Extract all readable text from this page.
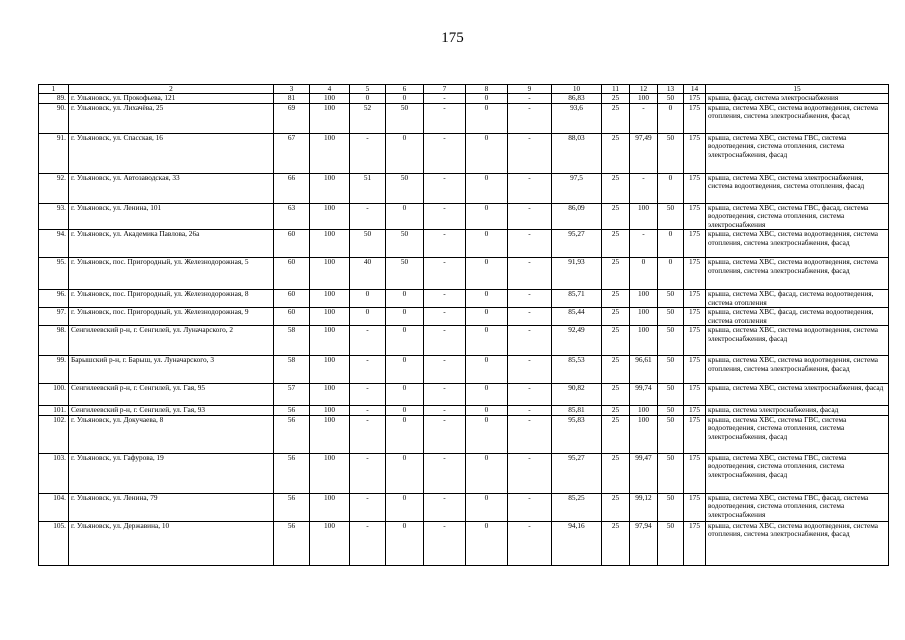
175
1	2	3	4	5	6	7	8	9	10	11	12	13	14	15
89.	г. Ульяновск, ул. Прокофьева, 121	81	100	0	0	-	0	-	86,83	25	100	50	175	крыша, фасад, система электроснабжения
90.	г. Ульяновск, ул. Лихачёва, 25	69	100	52	50	-	0	-	93,6	25	-	0	175	крыша, система ХВС, система водоотведения, система отопления, система электроснабжения, фасад
91.	г. Ульяновск, ул. Спасская, 16	67	100	-	0	-	0	-	88,03	25	97,49	50	175	крыша, система ХВС, система ГВС, система водоотведения, система отопления, система электроснабжения, фасад
92.	г. Ульяновск, ул. Автозаводская, 33	66	100	51	50	-	0	-	97,5	25	-	0	175	крыша, система ХВС, система электроснабжения, система водоотведения, система отопления, фасад
93.	г. Ульяновск, ул. Ленина, 101	63	100	-	0	-	0	-	86,09	25	100	50	175	крыша, система ХВС, система ГВС, фасад, система водоотведения, система отопления, система электроснабжения
94.	г. Ульяновск, ул. Академика Павлова, 26а	60	100	50	50	-	0	-	95,27	25	-	0	175	крыша, система ХВС, система водоотведения, система отопления, система электроснабжения, фасад
95.	г. Ульяновск, пос. Пригородный, ул. Железнодорожная, 5	60	100	40	50	-	0	-	91,93	25	0	0	175	крыша, система ХВС, система водоотведения, система отопления, система электроснабжения, фасад
96.	г. Ульяновск, пос. Пригородный, ул. Железнодорожная, 8	60	100	0	0	-	0	-	85,71	25	100	50	175	крыша, система ХВС, фасад, система водоотведения, система отопления
97.	г. Ульяновск, пос. Пригородный, ул. Железнодорожная, 9	60	100	0	0	-	0	-	85,44	25	100	50	175	крыша, система ХВС, фасад, система водоотведения, система отопления
98.	Сенгилеевский р-н, г. Сенгилей, ул. Луначарского, 2	58	100	-	0	-	0	-	92,49	25	100	50	175	крыша, система ХВС, система водоотведения, система электроснабжения, фасад
99.	Барышский р-н, г. Барыш, ул. Луначарского, 3	58	100	-	0	-	0	-	85,53	25	96,61	50	175	крыша, система ХВС, система водоотведения, система отопления, система электроснабжения, фасад
100.	Сенгилеевский р-н, г. Сенгилей, ул. Гая, 95	57	100	-	0	-	0	-	90,82	25	99,74	50	175	крыша, система ХВС, система электроснабжения, фасад
101.	Сенгилеевский р-н, г. Сенгилей, ул. Гая, 93	56	100	-	0	-	0	-	85,81	25	100	50	175	крыша, система электроснабжения, фасад
102.	г. Ульяновск, ул. Докучаева, 8	56	100	-	0	-	0	-	95,83	25	100	50	175	крыша, система ХВС, система ГВС, система водоотведения, система отопления, система электроснабжения, фасад
103.	г. Ульяновск, ул. Гафурова, 19	56	100	-	0	-	0	-	95,27	25	99,47	50	175	крыша, система ХВС, система ГВС, система водоотведения, система отопления, система электроснабжения, фасад
104.	г. Ульяновск, ул. Ленина, 79	56	100	-	0	-	0	-	85,25	25	99,12	50	175	крыша, система ХВС, система ГВС, фасад, система водоотведения, система отопления, система электроснабжения
105.	г. Ульяновск, ул. Державина, 10	56	100	-	0	-	0	-	94,16	25	97,94	50	175	крыша, система ХВС, система водоотведения, система отопления, система электроснабжения, фасад
